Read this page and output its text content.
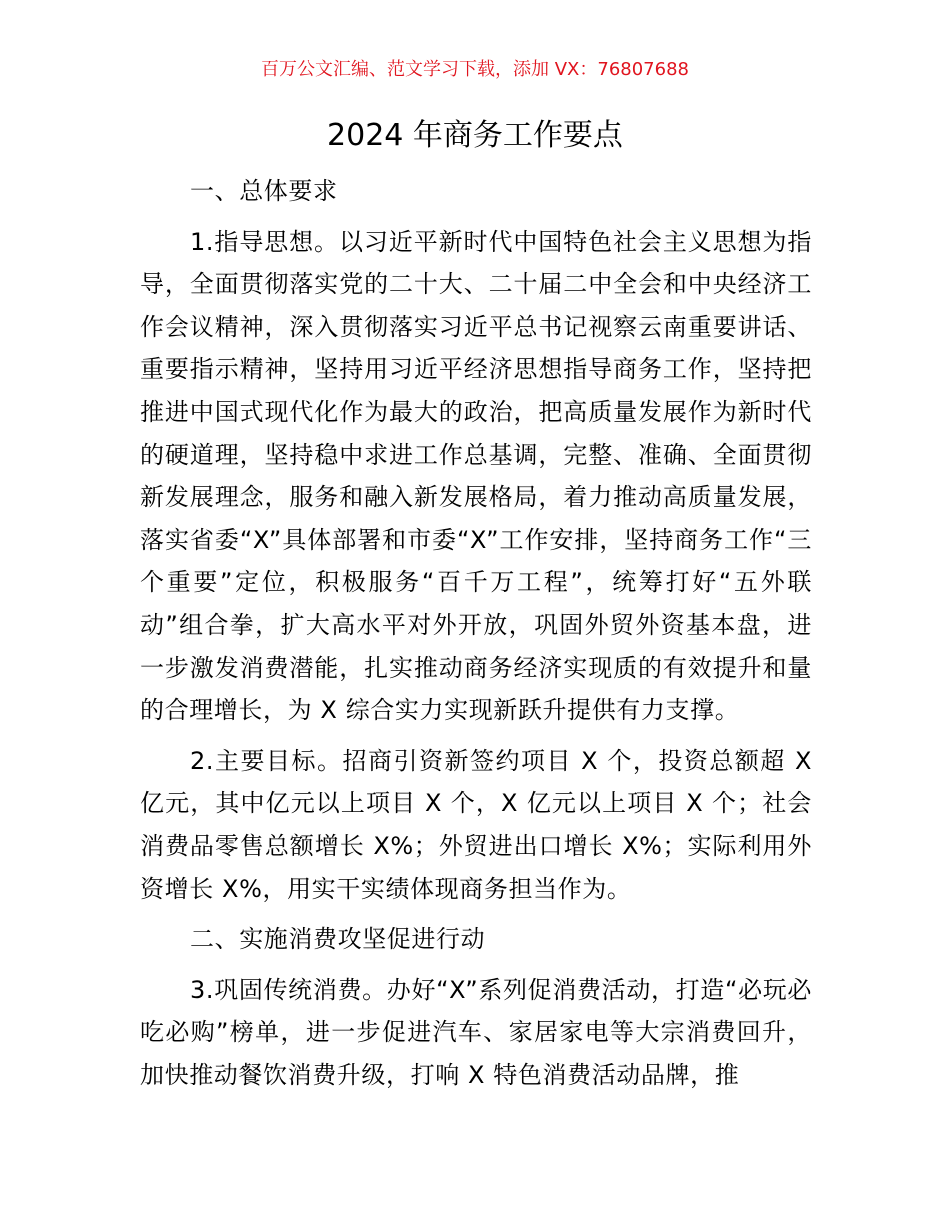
百万公文汇编、范文学习下载，添加 VX：76807688
2024 年商务工作要点
一、总体要求

1.指导思想。以习近平新时代中国特色社会主义思想为指导，全面贯彻落实党的二十大、二十届二中全会和中央经济工作会议精神，深入贯彻落实习近平总书记视察云南重要讲话、重要指示精神，坚持用习近平经济思想指导商务工作，坚持把推进中国式现代化作为最大的政治，把高质量发展作为新时代的硬道理，坚持稳中求进工作总基调，完整、准确、全面贯彻新发展理念，服务和融入新发展格局，着力推动高质量发展，落实省委“X”具体部署和市委“X”工作安排，坚持商务工作“三个重要”定位，积极服务“百千万工程”，统筹打好“五外联动”组合拳，扩大高水平对外开放，巩固外贸外资基本盘，进一步激发消费潜能，扎实推动商务经济实现质的有效提升和量的合理增长，为 X 综合实力实现新跃升提供有力支撑。

2.主要目标。招商引资新签约项目 X 个，投资总额超 X 亿元，其中亿元以上项目 X 个，X 亿元以上项目 X 个；社会消费品零售总额增长 X%；外贸进出口增长 X%；实际利用外资增长 X%，用实干实绩体现商务担当作为。

二、实施消费攻坚促进行动

3.巩固传统消费。办好“X”系列促消费活动，打造“必玩必吃必购”榜单，进一步促进汽车、家居家电等大宗消费回升，加快推动餐饮消费升级，打响 X 特色消费活动品牌，推
